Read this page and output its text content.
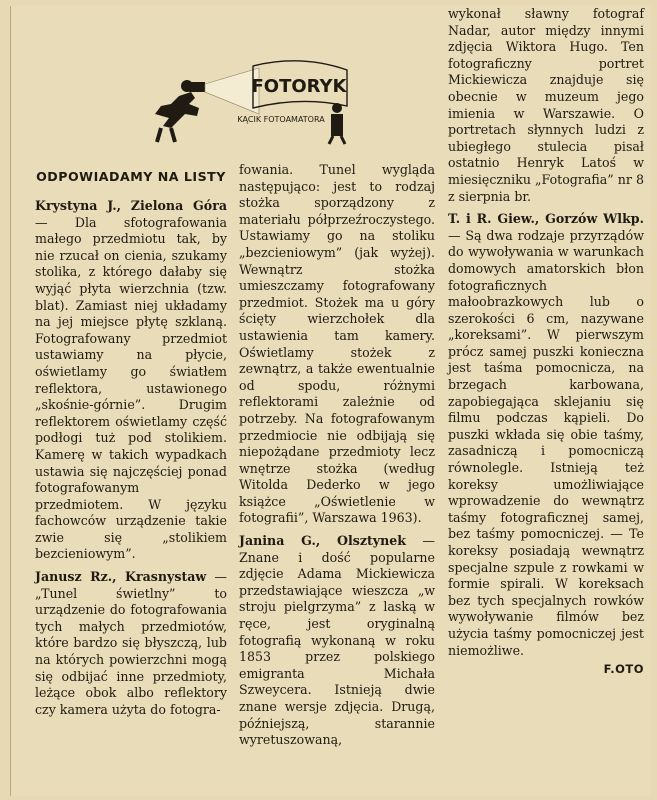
FOTORYK
KĄCIK FOTOAMATORA

ODPOWIADAMY NA LISTY

Krystyna J., Zielona Góra — Dla sfotografowania małego przedmiotu tak, by nie rzucał on cienia, szukamy stolika, z którego dałaby się wyjąć płyta wierzchnia (tzw. blat). Zamiast niej układamy na jej miejsce płytę szklaną. Fotografowany przedmiot ustawiamy na płycie, oświetlamy go światłem reflektora, ustawionego „skośnie-górnie”. Drugim reflektorem oświetlamy część podłogi tuż pod stolikiem. Kamerę w takich wypadkach ustawia się najczęściej ponad fotografowanym przedmiotem. W języku fachowców urządzenie takie zwie się „stolikiem bezcieniowym”.

Janusz Rz., Krasnystaw — „Tunel świetlny” to urządzenie do fotografowania tych małych przedmiotów, które bardzo się błyszczą, lub na których powierzchni mogą się odbijać inne przedmioty, leżące obok albo reflektory czy kamera użyta do fotogra-

fowania. Tunel wygląda następująco: jest to rodzaj stożka sporządzony z materiału półprzeźroczystego. Ustawiamy go na stoliku „bezcieniowym” (jak wyżej). Wewnątrz stożka umieszczamy fotografowany przedmiot. Stożek ma u góry ścięty wierzchołek dla ustawienia tam kamery. Oświetlamy stożek z zewnątrz, a także ewentualnie od spodu, różnymi reflektorami zależnie od potrzeby. Na fotografowanym przedmiocie nie odbijają się niepożądane przedmioty lecz wnętrze stożka (według Witolda Dederko w jego książce „Oświetlenie w fotografii”, Warszawa 1963).

Janina G., Olsztynek — Znane i dość popularne zdjęcie Adama Mickiewicza przedstawiające wieszcza „w stroju pielgrzyma” z laską w ręce, jest oryginalną fotografią wykonaną w roku 1853 przez polskiego emigranta Michała Szweycera. Istnieją dwie znane wersje zdjęcia. Drugą, późniejszą, starannie wyretuszowaną,

wykonał sławny fotograf Nadar, autor między innymi zdjęcia Wiktora Hugo. Ten fotograficzny portret Mickiewicza znajduje się obecnie w muzeum jego imienia w Warszawie. O portretach słynnych ludzi z ubiegłego stulecia pisał ostatnio Henryk Latoś w miesięczniku „Fotografia” nr 8 z sierpnia br.

T. i R. Giew., Gorzów Wlkp. — Są dwa rodzaje przyrządów do wywoływania w warunkach domowych amatorskich błon fotograficznych małoobrazkowych lub o szerokości 6 cm, nazywane „koreksami”. W pierwszym prócz samej puszki konieczna jest taśma pomocnicza, na brzegach karbowana, zapobiegająca sklejaniu się filmu podczas kąpieli. Do puszki wkłada się obie taśmy, zasadniczą i pomocniczą równolegle. Istnieją też koreksy umożliwiające wprowadzenie do wewnątrz taśmy fotograficznej samej, bez taśmy pomocniczej. — Te koreksy posiadają wewnątrz specjalne szpule z rowkami w formie spirali. W koreksach bez tych specjalnych rowków wywoływanie filmów bez użycia taśmy pomocniczej jest niemożliwe.

F.OTO
